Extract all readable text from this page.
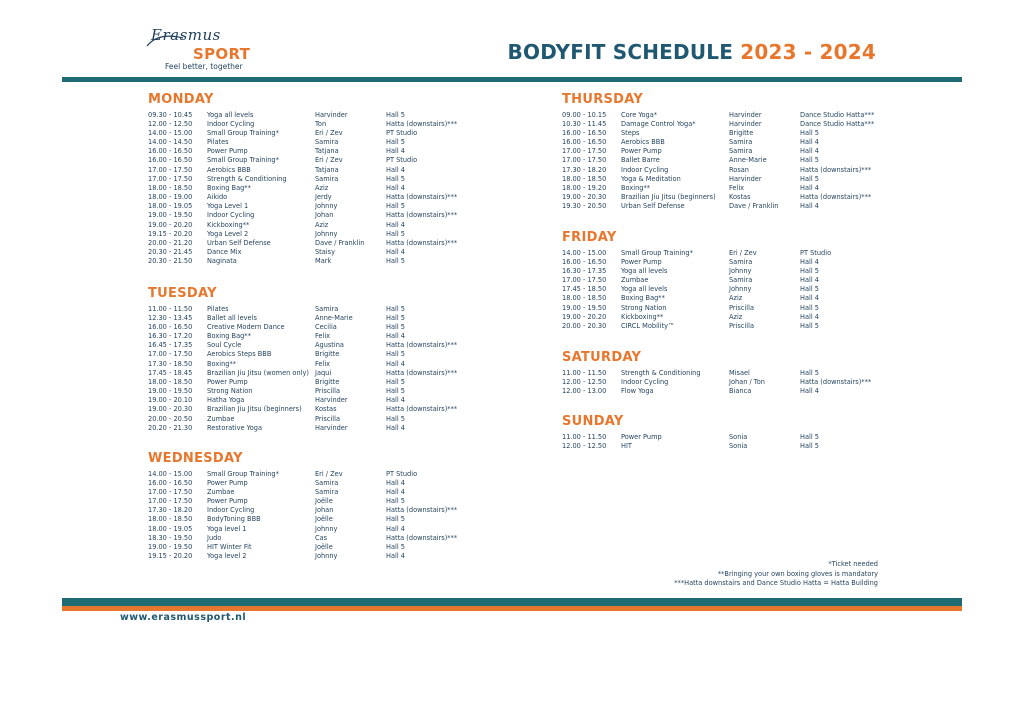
Erasmus
SPORT
Feel better, together
BODYFIT SCHEDULE 2023 - 2024
MONDAY
09.30 - 10.45 Yoga all levels	Harvinder	Hall 5
12.00 - 12.50 Indoor Cycling	Ton	Hatta (downstairs)***
14.00 - 15.00 Small Group Training*	Eri / Zev	PT Studio
14.00 - 14.50 Pilates	Samira	Hall 5
16.00 - 16.50 Power Pump	Tatjana	Hall 4
16.00 - 16.50 Small Group Training*	Eri / Zev	PT Studio
17.00 - 17.50 Aerobics BBB	Tatjana	Hall 4
17.00 - 17.50 Strength & Conditioning	Samira	Hall 5
18.00 - 18.50 Boxing Bag**	Aziz	Hall 4
18.00 - 19.00 Aikido	Jerdy	Hatta (downstairs)***
18.00 - 19.05 Yoga Level 1	Johnny	Hall 5
19.00 - 19.50 Indoor Cycling	Johan	Hatta (downstairs)***
19.00 - 20.20 Kickboxing**	Aziz	Hall 4
19.15 - 20.20 Yoga Level 2	Johnny	Hall 5
20.00 - 21.20 Urban Self Defense	Dave / Franklin	Hatta (downstairs)***
20.30 - 21.45 Dance Mix	Staisy	Hall 4
20.30 - 21.50 Naginata	Mark	Hall 5
TUESDAY
11.00 - 11.50 Pilates	Samira	Hall 5
12.30 - 13.45 Ballet all levels	Anne-Marie	Hall 5
16.00 - 16.50 Creative Modern Dance	Cecilia	Hall 5
16.30 - 17.20 Boxing Bag**	Felix	Hall 4
16.45 - 17.35 Soul Cycle	Agustina	Hatta (downstairs)***
17.00 - 17.50 Aerobics Steps BBB	Brigitte	Hall 5
17.30 - 18.50 Boxing**	Felix	Hall 4
17.45 - 18.45 Brazilian Jiu Jitsu (women only) Jaqui	Hatta (downstairs)***
18.00 - 18.50 Power Pump	Brigitte	Hall 5
19.00 - 19.50 Strong Nation	Priscilla	Hall 5
19.00 - 20.10 Hatha Yoga	Harvinder	Hall 4
19.00 - 20.30 Brazilian Jiu Jitsu (beginners) Kostas	Hatta (downstairs)***
20.00 - 20.50 Zumbae	Priscilla	Hall 5
20.20 - 21.30 Restorative Yoga	Harvinder	Hall 4
WEDNESDAY
14.00 - 15.00 Small Group Training*	Eri / Zev	PT Studio
16.00 - 16.50 Power Pump	Samira	Hall 4
17.00 - 17.50 Zumbae	Samira	Hall 4
17.00 - 17.50 Power Pump	Joëlle	Hall 5
17.30 - 18.20 Indoor Cycling	Johan	Hatta (downstairs)***
18.00 - 18.50 BodyToning BBB	Joëlle	Hall 5
18.00 - 19.05 Yoga level 1	Johnny	Hall 4
18.30 - 19.50 Judo	Cas	Hatta (downstairs)***
19.00 - 19.50 HIT Winter Fit	Joëlle	Hall 5
19.15 - 20.20 Yoga level 2	Johnny	Hall 4
THURSDAY
09.00 - 10.15 Core Yoga*	Harvinder	Dance Studio Hatta***
10.30 - 11.45 Damage Control Yoga*	Harvinder	Dance Studio Hatta***
16.00 - 16.50 Steps	Brigitte	Hall 5
16.00 - 16.50 Aerobics BBB	Samira	Hall 4
17.00 - 17.50 Power Pump	Samira	Hall 4
17.00 - 17.50 Ballet Barre	Anne-Marie	Hall 5
17.30 - 18.20 Indoor Cycling	Rosan	Hatta (downstairs)***
18.00 - 18.50 Yoga & Meditation	Harvinder	Hall 5
18.00 - 19.20 Boxing**	Felix	Hall 4
19.00 - 20.30 Brazilian Jiu Jitsu (beginners) Kostas	Hatta (downstairs)***
19.30 - 20.50 Urban Self Defense	Dave / Franklin	Hall 4
FRIDAY
14.00 - 15.00 Small Group Training*	Eri / Zev	PT Studio
16.00 - 16.50 Power Pump	Samira	Hall 4
16.30 - 17.35 Yoga all levels	Johnny	Hall 5
17.00 - 17.50 Zumbae	Samira	Hall 4
17.45 - 18.50 Yoga all levels	Johnny	Hall 5
18.00 - 18.50 Boxing Bag**	Aziz	Hall 4
19.00 - 19.50 Strong Nation	Priscilla	Hall 5
19.00 - 20.20 Kickboxing**	Aziz	Hall 4
20.00 - 20.30 CIRCL Mobility™	Priscilla	Hall 5
SATURDAY
11.00 - 11.50 Strength & Conditioning	Misael	Hall 5
12.00 - 12.50 Indoor Cycling	Johan / Ton	Hatta (downstairs)***
12.00 - 13.00 Flow Yoga	Bianca	Hall 4
SUNDAY
11.00 - 11.50 Power Pump	Sonia	Hall 5
12.00 - 12.50 HIT	Sonia	Hall 5
*Ticket needed
**Bringing your own boxing gloves is mandatory
***Hatta downstairs and Dance Studio Hatta = Hatta Building
www.erasmussport.nl
